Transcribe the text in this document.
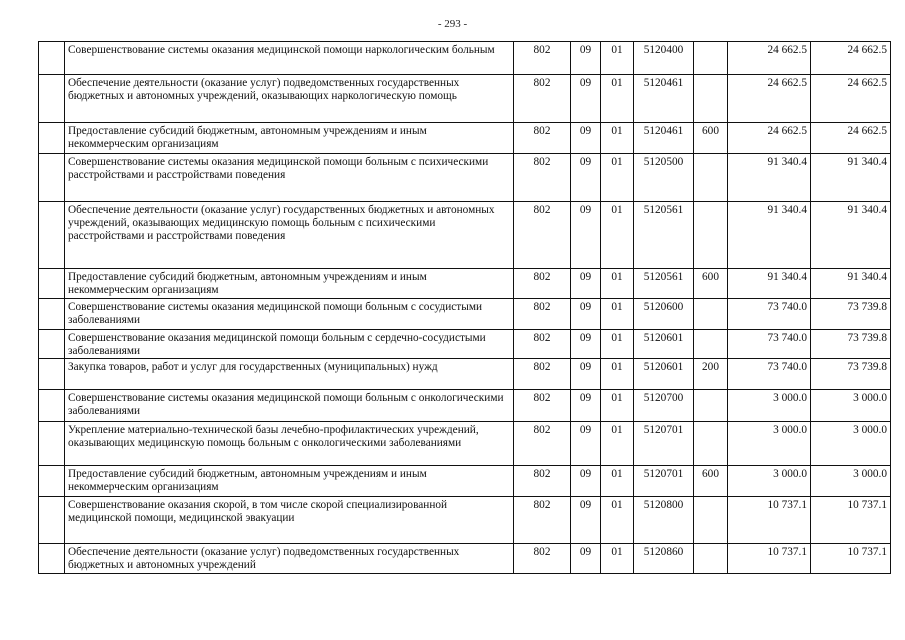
- 293 -
	Совершенствование системы оказания медицинской помощи наркологическим больным	802	09	01	5120400		24 662.5	24 662.5
	Обеспечение деятельности (оказание услуг) подведомственных государственных бюджетных и автономных учреждений, оказывающих наркологическую помощь	802	09	01	5120461		24 662.5	24 662.5
	Предоставление субсидий бюджетным, автономным учреждениям и иным некоммерческим организациям	802	09	01	5120461	600	24 662.5	24 662.5
	Совершенствование системы оказания медицинской помощи больным с психическими расстройствами и расстройствами поведения	802	09	01	5120500		91 340.4	91 340.4
	Обеспечение деятельности (оказание услуг) государственных бюджетных и автономных учреждений, оказывающих медицинскую помощь больным с психическими расстройствами и расстройствами поведения	802	09	01	5120561		91 340.4	91 340.4
	Предоставление субсидий бюджетным, автономным учреждениям и иным некоммерческим организациям	802	09	01	5120561	600	91 340.4	91 340.4
	Совершенствование системы оказания медицинской помощи больным с сосудистыми заболеваниями	802	09	01	5120600		73 740.0	73 739.8
	Совершенствование оказания медицинской помощи больным с сердечно-сосудистыми заболеваниями	802	09	01	5120601		73 740.0	73 739.8
	Закупка товаров, работ и услуг для государственных (муниципальных) нужд	802	09	01	5120601	200	73 740.0	73 739.8
	Совершенствование системы оказания медицинской помощи больным с онкологическими заболеваниями	802	09	01	5120700		3 000.0	3 000.0
	Укрепление материально-технической базы лечебно-профилактических учреждений, оказывающих медицинскую помощь больным с онкологическими заболеваниями	802	09	01	5120701		3 000.0	3 000.0
	Предоставление субсидий бюджетным, автономным учреждениям и иным некоммерческим организациям	802	09	01	5120701	600	3 000.0	3 000.0
	Совершенствование оказания скорой, в том числе скорой специализированной медицинской помощи, медицинской эвакуации	802	09	01	5120800		10 737.1	10 737.1
	Обеспечение деятельности (оказание услуг) подведомственных государственных бюджетных и автономных учреждений	802	09	01	5120860		10 737.1	10 737.1
